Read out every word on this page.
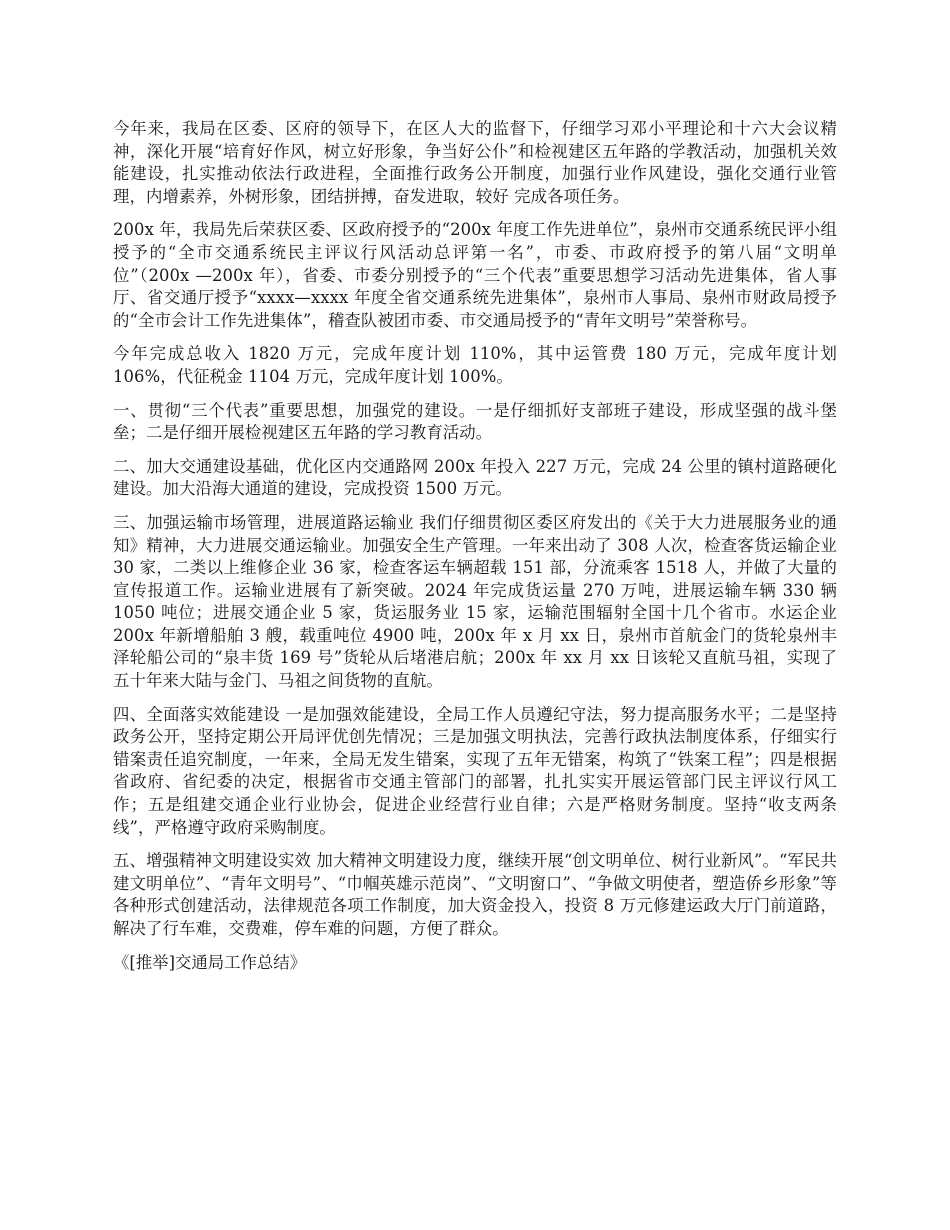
今年来，我局在区委、区府的领导下，在区人大的监督下，仔细学习邓小平理论和十六大会议精神，深化开展“培育好作风，树立好形象，争当好公仆”和检视建区五年路的学教活动，加强机关效能建设，扎实推动依法行政进程，全面推行政务公开制度，加强行业作风建设，强化交通行业管理，内增素养，外树形象，团结拼搏，奋发进取，较好 完成各项任务。

200x 年，我局先后荣获区委、区政府授予的“200x 年度工作先进单位”，泉州市交通系统民评小组授予的“全市交通系统民主评议行风活动总评第一名”，市委、市政府授予的第八届“文明单位”（200x —200x 年），省委、市委分别授予的“三个代表”重要思想学习活动先进集体，省人事厅、省交通厅授予“xxxx—xxxx 年度全省交通系统先进集体”，泉州市人事局、泉州市财政局授予的“全市会计工作先进集体”，稽查队被团市委、市交通局授予的“青年文明号”荣誉称号。

今年完成总收入 1820 万元，完成年度计划 110%，其中运管费 180 万元，完成年度计划 106%，代征税金 1104 万元，完成年度计划 100%。

一、贯彻“三个代表”重要思想，加强党的建设。一是仔细抓好支部班子建设，形成坚强的战斗堡垒；二是仔细开展检视建区五年路的学习教育活动。

二、加大交通建设基础，优化区内交通路网 200x 年投入 227 万元，完成 24 公里的镇村道路硬化建设。加大沿海大通道的建设，完成投资 1500 万元。

三、加强运输市场管理，进展道路运输业 我们仔细贯彻区委区府发出的《关于大力进展服务业的通知》精神，大力进展交通运输业。加强安全生产管理。一年来出动了 308 人次，检查客货运输企业 30 家，二类以上维修企业 36 家，检查客运车辆超载 151 部，分流乘客 1518 人，并做了大量的宣传报道工作。运输业进展有了新突破。2024 年完成货运量 270 万吨，进展运输车辆 330 辆 1050 吨位；进展交通企业 5 家，货运服务业 15 家，运输范围辐射全国十几个省市。水运企业 200x 年新增船舶 3 艘，载重吨位 4900 吨，200x 年 x 月 xx 日，泉州市首航金门的货轮泉州丰泽轮船公司的“泉丰货 169 号”货轮从后堵港启航；200x 年 xx 月 xx 日该轮又直航马祖，实现了五十年来大陆与金门、马祖之间货物的直航。

四、全面落实效能建设 一是加强效能建设，全局工作人员遵纪守法，努力提高服务水平；二是坚持政务公开，坚持定期公开局评优创先情况；三是加强文明执法，完善行政执法制度体系，仔细实行错案责任追究制度，一年来，全局无发生错案，实现了五年无错案，构筑了“铁案工程”；四是根据省政府、省纪委的决定，根据省市交通主管部门的部署，扎扎实实开展运管部门民主评议行风工作；五是组建交通企业行业协会，促进企业经营行业自律；六是严格财务制度。坚持“收支两条线”，严格遵守政府采购制度。

五、增强精神文明建设实效 加大精神文明建设力度，继续开展“创文明单位、树行业新风”。“军民共建文明单位”、“青年文明号”、“巾帼英雄示范岗”、“文明窗口”、“争做文明使者，塑造侨乡形象”等各种形式创建活动，法律规范各项工作制度，加大资金投入，投资 8 万元修建运政大厅门前道路，解决了行车难，交费难，停车难的问题，方便了群众。

《[推举]交通局工作总结》
